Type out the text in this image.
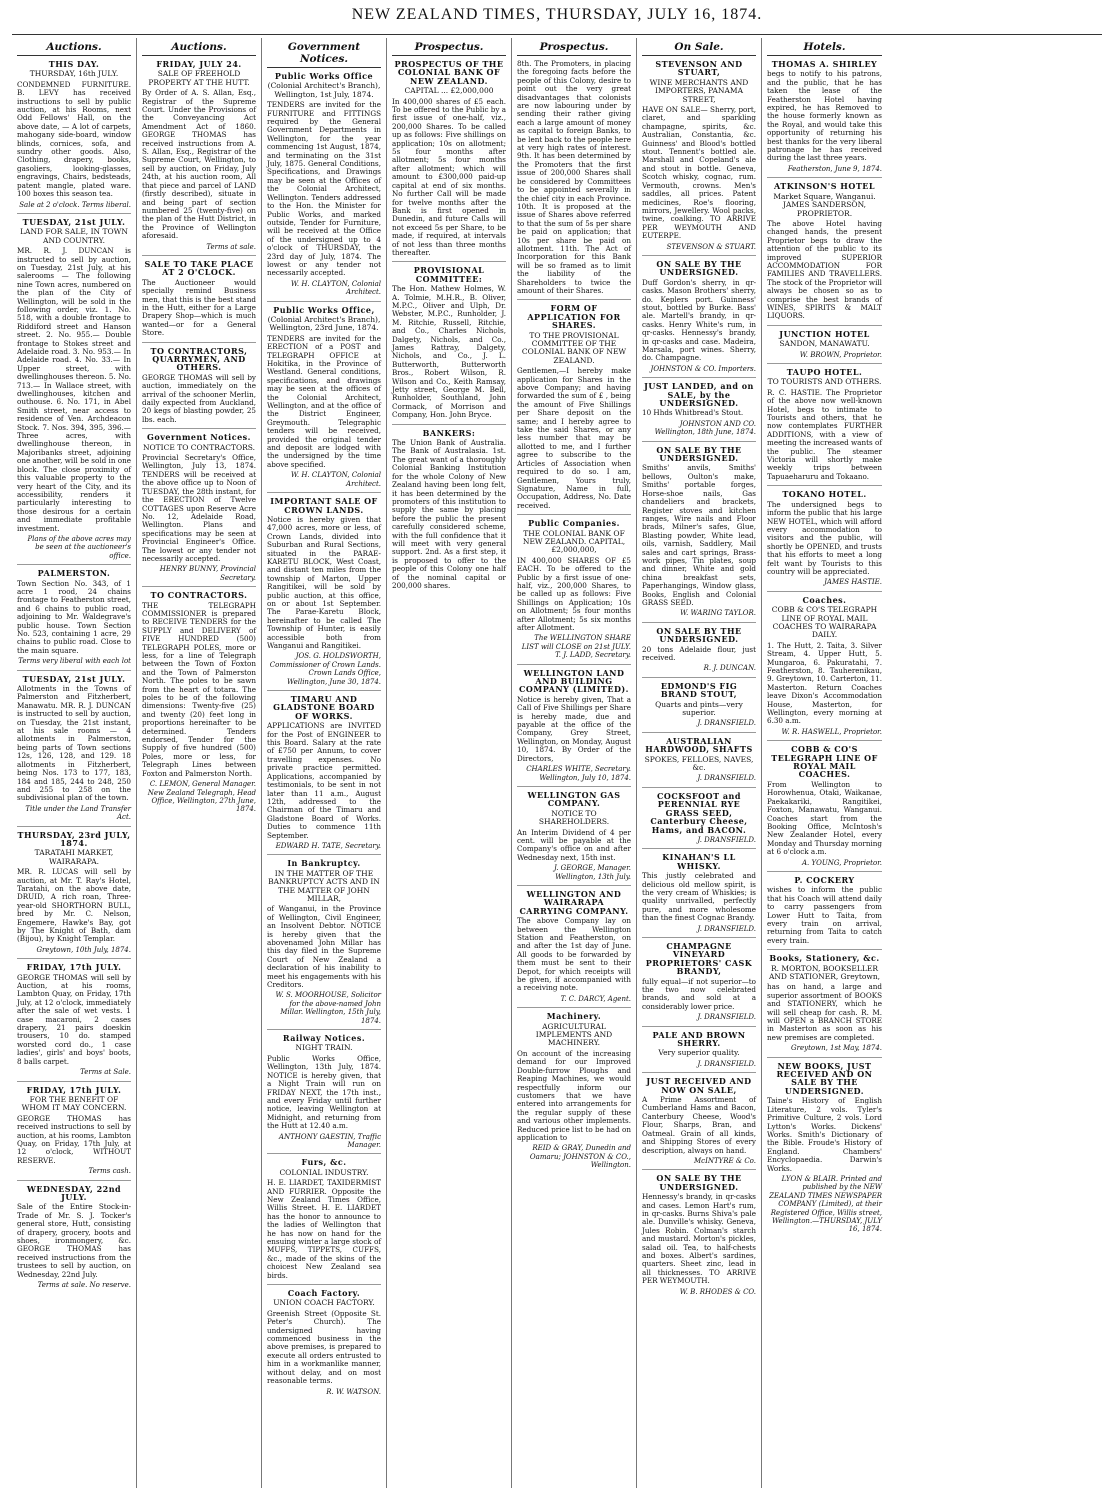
NEW ZEALAND TIMES, THURSDAY, JULY 16, 1874.
Auctions.
THIS DAY.
THURSDAY, 16th JULY.
CONDEMNED FURNITURE. B. LEVY has received instructions to sell by public auction, at his Rooms, next Odd Fellows' Hall, on the above date, — A lot of carpets, mahogany side-board, window blinds, cornices, sofa, and sundry other goods. Also, Clothing, drapery, books, gasoliers, looking-glasses, engravings, Chairs, bedsteads, patent mangle, plated ware. 100 boxes this season tea.
Sale at 2 o'clock. Terms liberal.
TUESDAY, 21st JULY.
LAND FOR SALE, IN TOWN AND COUNTRY.
MR. R. J. DUNCAN is instructed to sell by auction, on Tuesday, 21st July, at his salerooms — The following nine Town acres, numbered on the plan of the City of Wellington, will be sold in the following order, viz. 1. No. 518, with a double frontage to Riddiford street and Hanson street. 2. No. 955.— Double frontage to Stokes street and Adelaide road. 3. No. 953.— In Adelaide road. 4. No. 33.— In Upper street, with dwellinghouses thereon. 5. No. 713.— In Wallace street, with dwellinghouses, kitchen and outhouse. 6. No. 171, in Abel Smith street, near access to residence of Ven. Archdeacon Stock. 7. Nos. 394, 395, 396.— Three acres, with dwellinghouse thereon, in Majoribanks street, adjoining one another, will be sold in one block. The close proximity of this valuable property to the very heart of the City, and its accessibility, renders it particularly interesting to those desirous for a certain and immediate profitable investment.
Plans of the above acres may be seen at the auctioneer's office.
PALMERSTON.
Town Section No. 343, of 1 acre 1 rood, 24 chains frontage to Featherston street, and 6 chains to public road, adjoining to Mr. Waldegrave's public house. Town Section No. 523, containing 1 acre, 29 chains to public road. Close to the main square.
Terms very liberal with each lot
TUESDAY, 21st JULY.
Allotments in the Towns of Palmerston and Fitzherbert, Manawatu. MR. R. J. DUNCAN is instructed to sell by auction, on Tuesday, the 21st instant, at his sale rooms — 4 allotments in Palmerston, being parts of Town sections 12s, 126, 128, and 129. 18 allotments in Fitzherbert, being Nos. 173 to 177, 183, 184 and 185, 244 to 248, 250 and 255 to 258 on the subdivisional plan of the town.
Title under the Land Transfer Act.
THURSDAY, 23rd JULY, 1874.
TARATAHI MARKET, WAIRARAPA.
MR. R. LUCAS will sell by auction, at Mr. T. Ray's Hotel, Taratahi, on the above date, DRUID, A rich roan, Three-year-old SHORTHORN BULL, bred by Mr. C. Nelson, Engemere, Hawke's Bay, got by The Knight of Bath, dam (Bijou), by Knight Templar.
Greytown, 10th July, 1874.
FRIDAY, 17th JULY.
GEORGE THOMAS will sell by Auction, at his rooms, Lambton Quay, on Friday, 17th July, at 12 o'clock, immediately after the sale of wet vests. 1 case macaroni, 2 cases drapery, 21 pairs doeskin trousers, 10 do. stamped worsted cord do., 1 case ladies', girls' and boys' boots, 8 balls carpet.
Terms at Sale.
FRIDAY, 17th JULY.
FOR THE BENEFIT OF WHOM IT MAY CONCERN.
GEORGE THOMAS has received instructions to sell by auction, at his rooms, Lambton Quay, on Friday, 17th July, at 12 o'clock, WITHOUT RESERVE.
Terms cash.
WEDNESDAY, 22nd JULY.
Sale of the Entire Stock-in-Trade of Mr. S. J. Tocker's general store, Hutt, consisting of drapery, grocery, boots and shoes, ironmongery, &c. GEORGE THOMAS has received instructions from the trustees to sell by auction, on Wednesday, 22nd July.
Terms at sale. No reserve.
Auctions.
FRIDAY, JULY 24.
SALE OF FREEHOLD PROPERTY AT THE HUTT.
By Order of A. S. Allan, Esq., Registrar of the Supreme Court. Under the Provisions of the Conveyancing Act Amendment Act of 1860. GEORGE THOMAS has received instructions from A. S. Allan, Esq., Registrar of the Supreme Court, Wellington, to sell by auction, on Friday, July 24th, at his auction room, All that piece and parcel of LAND (firstly described), situate in and being part of section numbered 25 (twenty-five) on the plan of the Hutt District, in the Province of Wellington aforesaid.
Terms at sale.
SALE TO TAKE PLACE AT 2 O'CLOCK.
The Auctioneer would specially remind Business men, that this is the best stand in the Hutt, either for a Large Drapery Shop—which is much wanted—or for a General Store.
TO CONTRACTORS, QUARRYMEN, AND OTHERS.
GEORGE THOMAS will sell by auction, immediately on the arrival of the schooner Merlin, daily expected from Auckland, 20 kegs of blasting powder, 25 lbs. each.
Government Notices.
NOTICE TO CONTRACTORS.
Provincial Secretary's Office, Wellington, July 13, 1874. TENDERS will be received at the above office up to Noon of TUESDAY, the 28th instant, for the ERECTION of Twelve COTTAGES upon Reserve Acre No. 12, Adelaide Road, Wellington. Plans and specifications may be seen at Provincial Engineer's Office. The lowest or any tender not necessarily accepted.
HENRY BUNNY, Provincial Secretary.
TO CONTRACTORS.
THE TELEGRAPH COMMISSIONER is prepared to RECEIVE TENDERS for the SUPPLY and DELIVERY of FIVE HUNDRED (500) TELEGRAPH POLES, more or less, for a line of Telegraph between the Town of Foxton and the Town of Palmerston North. The poles to be sawn from the heart of totara. The poles to be of the following dimensions: Twenty-five (25) and twenty (20) feet long in proportions hereinafter to be determined. Tenders endorsed, Tender for the Supply of five hundred (500) Poles, more or less, for Telegraph Lines between Foxton and Palmerston North.
C. LEMON, General Manager. New Zealand Telegraph, Head Office, Wellington, 27th June, 1874.
Government Notices.
Public Works Office
(Colonial Architect's Branch), Wellington, 1st July, 1874.
TENDERS are invited for the FURNITURE and FITTINGS required by the General Government Departments in Wellington, for the year commencing 1st August, 1874, and terminating on the 31st July, 1875. General Conditions, Specifications, and Drawings may be seen at the Offices of the Colonial Architect, Wellington. Tenders addressed to the Hon. the Minister for Public Works, and marked outside, Tender for Furniture, will be received at the Office of the undersigned up to 4 o'clock of THURSDAY, the 23rd day of July, 1874. The lowest or any tender not necessarily accepted.
W. H. CLAYTON, Colonial Architect.
Public Works Office,
(Colonial Architect's Branch), Wellington, 23rd June, 1874.
TENDERS are invited for the ERECTION of a POST and TELEGRAPH OFFICE at Hokitika, in the Province of Westland. General conditions, specifications, and drawings may be seen at the offices of the Colonial Architect, Wellington, and at the office of the District Engineer, Greymouth. Telegraphic tenders will be received, provided the original tender and deposit are lodged with the undersigned by the time above specified.
W. H. CLAYTON, Colonial Architect.
IMPORTANT SALE OF CROWN LANDS.
Notice is hereby given that 47,000 acres, more or less, of Crown Lands, divided into Suburban and Rural Sections, situated in the PARAE-KARETU BLOCK, West Coast, and distant ten miles from the township of Marton, Upper Rangitikei, will be sold by public auction, at this office, on or about 1st September. The Parae-Karetu Block, hereinafter to be called The Township of Hunter, is easily accessible both from Wanganui and Rangitikei.
JOS. G. HOLDSWORTH, Commissioner of Crown Lands. Crown Lands Office, Wellington, June 30, 1874.
TIMARU AND GLADSTONE BOARD OF WORKS.
APPLICATIONS are INVITED for the Post of ENGINEER to this Board. Salary at the rate of £750 per Annum, to cover travelling expenses. No private practice permitted. Applications, accompanied by testimonials, to be sent in not later than 11 a.m., August 12th, addressed to the Chairman of the Timaru and Gladstone Board of Works. Duties to commence 11th September.
EDWARD H. TATE, Secretary.
In Bankruptcy.
IN THE MATTER OF THE BANKRUPTCY ACTS AND IN THE MATTER OF JOHN MILLAR,
of Wanganui, in the Province of Wellington, Civil Engineer, an Insolvent Debtor. NOTICE is hereby given that the abovenamed John Millar has this day filed in the Supreme Court of New Zealand a declaration of his inability to meet his engagements with his Creditors.
W. S. MOORHOUSE, Solicitor for the above-named John Millar. Wellington, 15th July, 1874.
Railway Notices.
NIGHT TRAIN.
Public Works Office, Wellington, 13th July, 1874. NOTICE is hereby given, that a Night Train will run on FRIDAY NEXT, the 17th inst., and every Friday until further notice, leaving Wellington at Midnight, and returning from the Hutt at 12.40 a.m.
ANTHONY GAESTIN, Traffic Manager.
Furs, &c.
COLONIAL INDUSTRY.
H. E. LIARDET, TAXIDERMIST AND FURRIER. Opposite the New Zealand Times Office, Willis Street. H. E. LIARDET has the honor to announce to the ladies of Wellington that he has now on hand for the ensuing winter a large stock of MUFFS, TIPPETS, CUFFS, &c., made of the skins of the choicest New Zealand sea birds.
Coach Factory.
UNION COACH FACTORY.
Greenish Street (Opposite St. Peter's Church). The undersigned having commenced business in the above premises, is prepared to execute all orders entrusted to him in a workmanlike manner, without delay, and on most reasonable terms.
R. W. WATSON.
Prospectus.
PROSPECTUS OF THE COLONIAL BANK OF NEW ZEALAND.
CAPITAL ... £2,000,000
In 400,000 shares of £5 each. To be offered to the Public by a first issue of one-half, viz., 200,000 Shares. To be called up as follows: Five shillings on application; 10s on allotment; 5s four months after allotment; 5s four months after allotment; which will amount to £300,000 paid-up capital at end of six months. No further Call will be made for twelve months after the Bank is first opened in Dunedin, and future Calls will not exceed 5s per Share, to be made, if required, at intervals of not less than three months thereafter.
PROVISIONAL COMMITTEE:
The Hon. Mathew Holmes, W. A. Tolmie, M.H.R., B. Oliver, M.P.C., Oliver and Ulph, Dr. Webster, M.P.C., Runholder, J. M. Ritchie, Russell, Ritchie, and Co., Charles Nichols, Dalgety, Nichols, and Co., James Rattray, Dalgety, Nichols, and Co., J. L. Butterworth, Butterworth Bros., Robert Wilson, R. Wilson and Co., Keith Ramsay, Jetty street, George M. Bell, Runholder, Southland, John Cormack, of Morrison and Company, Hon. John Bryce.
BANKERS:
The Union Bank of Australia. The Bank of Australasia. 1st. The great want of a thoroughly Colonial Banking Institution for the whole Colony of New Zealand having been long felt, it has been determined by the promoters of this institution to supply the same by placing before the public the present carefully considered scheme, with the full confidence that it will meet with very general support. 2nd. As a first step, it is proposed to offer to the people of this Colony one half of the nominal capital or 200,000 shares.
Prospectus.
8th. The Promoters, in placing the foregoing facts before the people of this Colony, desire to point out the very great disadvantages that colonists are now labouring under by sending their rather giving each a large amount of money as capital to foreign Banks, to be lent back to the people here at very high rates of interest. 9th. It has been determined by the Promoters that the first issue of 200,000 Shares shall be considered by Committees to be appointed severally in the chief city in each Province. 10th. It is proposed at the issue of Shares above referred to that the sum of 5s per share be paid on application; that 10s per share be paid on allotment. 11th. The Act of Incorporation for this Bank will be so framed as to limit the liability of the Shareholders to twice the amount of their Shares.
FORM OF APPLICATION FOR SHARES.
TO THE PROVISIONAL COMMITTEE OF THE COLONIAL BANK OF NEW ZEALAND.
Gentlemen,—I hereby make application for Shares in the above Company; and having forwarded the sum of £ , being the amount of Five Shillings per Share deposit on the same; and I hereby agree to take the said Shares, or any less number that may be allotted to me, and I further agree to subscribe to the Articles of Association when required to do so. I am, Gentlemen, Yours truly, Signature, Name in full, Occupation, Address, No. Date received.
Public Companies.
THE COLONIAL BANK OF NEW ZEALAND. CAPITAL, £2,000,000,
IN 400,000 SHARES OF £5 EACH. To be offered to the Public by a first issue of one-half, viz., 200,000 Shares, to be called up as follows: Five Shillings on Application; 10s on Allotment; 5s four months after Allotment; 5s six months after Allotment.
The WELLINGTON SHARE LIST will CLOSE on 21st JULY. T. J. LADD, Secretary.
WELLINGTON LAND AND BUILDING COMPANY (LIMITED).
Notice is hereby given, That a Call of Five Shillings per Share is hereby made, due and payable at the office of the Company, Grey Street, Wellington, on Monday, August 10, 1874. By Order of the Directors,
CHARLES WHITE, Secretary. Wellington, July 10, 1874.
WELLINGTON GAS COMPANY.
NOTICE TO SHAREHOLDERS.
An Interim Dividend of 4 per cent. will be payable at the Company's office on and after Wednesday next, 15th inst.
J. GEORGE, Manager. Wellington, 13th July.
WELLINGTON AND WAIRARAPA CARRYING COMPANY.
The above Company lay on between the Wellington Station and Featherston, on and after the 1st day of June. All goods to be forwarded by them must be sent to their Depot, for which receipts will be given, if accompanied with a receiving note.
T. C. DARCY, Agent.
Machinery.
AGRICULTURAL IMPLEMENTS AND MACHINERY.
On account of the increasing demand for our Improved Double-furrow Ploughs and Reaping Machines, we would respectfully inform our customers that we have entered into arrangements for the regular supply of these and various other implements. Reduced price list to be had on application to
REID & GRAY, Dunedin and Oamaru; JOHNSTON & CO., Wellington.
On Sale.
STEVENSON AND STUART,
WINE MERCHANTS AND IMPORTERS, PANAMA STREET,
HAVE ON SALE— Sherry, port, claret, and sparkling champagne, spirits, &c. Australian, Constantia, &c. Guinness' and Blood's bottled stout. Tennent's bottled ale. Marshall and Copeland's ale and stout in bottle. Geneva, Scotch whisky, cognac, rum. Vermouth, crowns. Men's saddles, all prices. Patent medicines, Roe's flooring, mirrors, Jewellery. Wool packs, twine, coalking. TO ARRIVE PER WEYMOUTH AND EUTERPE.
STEVENSON & STUART.
ON SALE BY THE UNDERSIGNED.
Duff Gordon's sherry, in qr-casks. Mason Brothers' sherry, do. Keplers port. Guinness' stout, bottled by Burke. Bass' ale. Martell's brandy, in qr-casks. Henry White's rum, in qr-casks. Hennessy's brandy, in qr-casks and case. Madeira, Marsala, port wines. Sherry, do. Champagne.
JOHNSTON & CO. Importers.
JUST LANDED, and on SALE, by the UNDERSIGNED.
10 Hhds Whitbread's Stout.
JOHNSTON AND CO. Wellington, 18th June, 1874.
ON SALE BY THE UNDERSIGNED.
Smiths' anvils, Smiths' bellows, Oulton's make, Smiths' portable forges, Horse-shoe nails, Gas chandeliers and brackets, Register stoves and kitchen ranges, Wire nails and Floor brads, Milner's safes, Glue, Blasting powder, White lead, oils, varnish, Saddlery, Mail sales and cart springs, Brass-work pipes, Tin plates, soup and dinner, White and gold china breakfast sets, Paperhangings, Window glass, Books, English and Colonial GRASS SEED.
W. WARING TAYLOR.
ON SALE BY THE UNDERSIGNED.
20 tons Adelaide flour, just received.
R. J. DUNCAN.
EDMOND'S FIG BRAND STOUT,
Quarts and pints—very superior.
J. DRANSFIELD.
AUSTRALIAN HARDWOOD, SHAFTS
SPOKES, FELLOES, NAVES, &c.
J. DRANSFIELD.
COCKSFOOT and PERENNIAL RYE GRASS SEED, Canterbury Cheese, Hams, and BACON.
J. DRANSFIELD.
KINAHAN'S LL WHISKY.
This justly celebrated and delicious old mellow spirit, is the very cream of Whiskies; is quality unrivalled, perfectly pure, and more wholesome than the finest Cognac Brandy.
J. DRANSFIELD.
CHAMPAGNE VINEYARD PROPRIETORS' CASK BRANDY,
fully equal—if not superior—to the two now celebrated brands, and sold at a considerably lower price.
J. DRANSFIELD.
PALE AND BROWN SHERRY.
Very superior quality.
J. DRANSFIELD.
JUST RECEIVED AND NOW ON SALE,
A Prime Assortment of Cumberland Hams and Bacon, Canterbury Cheese, Wood's Flour, Sharps, Bran, and Oatmeal. Grain of all kinds, and Shipping Stores of every description, always on hand.
McINTYRE & Co.
ON SALE BY THE UNDERSIGNED.
Hennessy's brandy, in qr-casks and cases. Lemon Hart's rum, in qr-casks. Burns Shiva's pale ale. Dunville's whisky. Geneva, Jules Robin. Colman's starch and mustard. Morton's pickles, salad oil. Tea, to half-chests and boxes. Albert's sardines, quarters. Sheet zinc, lead in all thicknesses. TO ARRIVE PER WEYMOUTH.
W. B. RHODES & CO.
Hotels.
THOMAS A. SHIRLEY
begs to notify to his patrons, and the public, that he has taken the lease of the Featherston Hotel having expired, he has Removed to the house formerly known as the Royal, and would take this opportunity of returning his best thanks for the very liberal patronage he has received during the last three years.
Featherston, June 9, 1874.
ATKINSON'S HOTEL
Market Square, Wanganui. JAMES SANDERSON, PROPRIETOR.
The above Hotel having changed hands, the present Proprietor begs to draw the attention of the public to its improved SUPERIOR ACCOMMODATION FOR FAMILIES AND TRAVELLERS. The stock of the Proprietor will always be chosen so as to comprise the best brands of WINES, SPIRITS & MALT LIQUORS.
JUNCTION HOTEL
SANDON, MANAWATU.
W. BROWN, Proprietor.
TAUPO HOTEL.
TO TOURISTS AND OTHERS.
R. C. HASTIE. The Proprietor of the above now well-known Hotel, begs to intimate to Tourists and others, that he now contemplates FURTHER ADDITIONS, with a view of meeting the increased wants of the public. The steamer Victoria will shortly make weekly trips between Tapuaeharuru and Tokaano.
TOKANO HOTEL.
The undersigned begs to inform the public that his large NEW HOTEL, which will afford every accommodation to visitors and the public, will shortly be OPENED, and trusts that his efforts to meet a long felt want by Tourists to this country will be appreciated.
JAMES HASTIE.
Coaches.
COBB & CO'S TELEGRAPH LINE OF ROYAL MAIL COACHES TO WAIRARAPA DAILY.
1. The Hutt, 2. Taita, 3. Silver Stream, 4. Upper Hutt, 5. Mungaroa, 6. Pakuratahi, 7. Featherston, 8. Tauherenikau, 9. Greytown, 10. Carterton, 11. Masterton. Return Coaches leave Dixon's Accommodation House, Masterton, for Wellington, every morning at 6.30 a.m.
W. R. HASWELL, Proprietor.
COBB & CO'S TELEGRAPH LINE OF ROYAL MAIL COACHES.
From Wellington to Horowhenua, Otaki, Waikanae, Paekakariki, Rangitikei, Foxton, Manawatu, Wanganui. Coaches start from the Booking Office, McIntosh's New Zealander Hotel, every Monday and Thursday morning at 6 o'clock a.m.
A. YOUNG, Proprietor.
P. COCKERY
wishes to inform the public that his Coach will attend daily to carry passengers from Lower Hutt to Taita, from every train on arrival, returning from Taita to catch every train.
Books, Stationery, &c.
R. MORTON, BOOKSELLER AND STATIONER, Greytown,
has on hand, a large and superior assortment of BOOKS and STATIONERY, which he will sell cheap for cash. R. M. will OPEN a BRANCH STORE in Masterton as soon as his new premises are completed.
Greytown, 1st May, 1874.
NEW BOOKS, JUST RECEIVED AND ON SALE BY THE UNDERSIGNED.
Taine's History of English Literature, 2 vols. Tyler's Primitive Culture, 2 vols. Lord Lytton's Works. Dickens' Works. Smith's Dictionary of the Bible. Froude's History of England. Chambers' Encyclopaedia. Darwin's Works.
LYON & BLAIR. Printed and published by the NEW ZEALAND TIMES NEWSPAPER COMPANY (Limited), at their Registered Office, Willis street, Wellington.—THURSDAY, JULY 16, 1874.
